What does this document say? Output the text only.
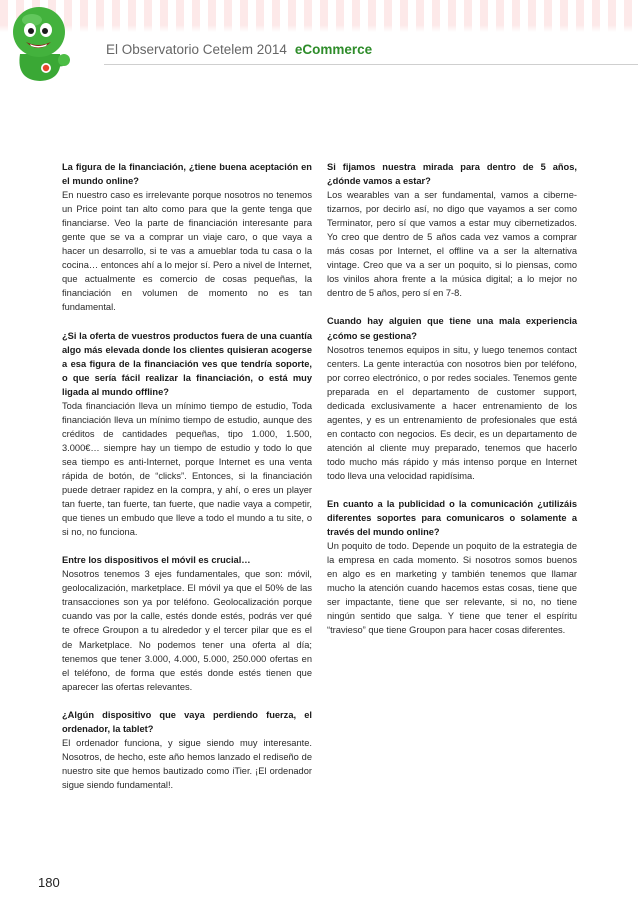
El Observatorio Cetelem 2014 eCommerce

La figura de la financiación, ¿tiene buena aceptación en el mundo online?
En nuestro caso es irrelevante porque nosotros no tenemos un Price point tan alto como para que la gente tenga que financiarse. Veo la parte de financiación interesante para gente que se va a comprar un viaje caro, o que vaya a hacer un desarrollo, si te vas a amueblar toda tu casa o la cocina… entonces ahí a lo mejor sí. Pero a nivel de Internet, que actualmente es comercio de cosas pequeñas, la financiación en volumen de momento no es tan fundamental.

¿Si la oferta de vuestros productos fuera de una cuantía algo más elevada donde los clientes quisieran acogerse a esa figura de la financiación ves que tendría soporte, o que sería fácil realizar la financiación, o está muy ligada al mundo offline?
Toda financiación lleva un mínimo tiempo de estudio, Toda financiación lleva un mínimo tiempo de estudio, aunque des créditos de cantidades pequeñas, tipo 1.000, 1.500, 3.000€… siempre hay un tiempo de estudio y todo lo que sea tiempo es anti-Internet, porque Internet es una venta rápida de botón, de “clicks”. Entonces, si la financiación puede detraer rapidez en la compra, y ahí, o eres un player tan fuerte, tan fuerte, tan fuerte, que nadie vaya a competir, que tienes un embudo que lleve a todo el mundo a tu site, o si no, no funciona.

Entre los dispositivos el móvil es crucial…
Nosotros tenemos 3 ejes fundamentales, que son: móvil, geolocalización, marketplace. El móvil ya que el 50% de las transacciones son ya por teléfono. Geolocalización porque cuando vas por la calle, estés donde estés, podrás ver qué te ofrece Groupon a tu alrededor y el tercer pilar que es el de Marketplace. No podemos tener una oferta al día; tenemos que tener 3.000, 4.000, 5.000, 250.000 ofertas en el teléfono, de forma que estés donde estés tienen que aparecer las ofertas relevantes.

¿Algún dispositivo que vaya perdiendo fuerza, el ordenador, la tablet?
El ordenador funciona, y sigue siendo muy interesante. Nosotros, de hecho, este año hemos lanzado el rediseño de nuestro site que hemos bautizado como iTier. ¡El ordenador sigue siendo fundamental!.

Si fijamos nuestra mirada para dentro de 5 años, ¿dónde vamos a estar?
Los wearables van a ser fundamental, vamos a cibernetizarnos, por decirlo así, no digo que vayamos a ser como Terminator, pero sí que vamos a estar muy cibernetizados. Yo creo que dentro de 5 años cada vez vamos a comprar más cosas por Internet, el offline va a ser la alternativa vintage. Creo que va a ser un poquito, si lo piensas, como los vinilos ahora frente a la música digital; a lo mejor no dentro de 5 años, pero sí en 7-8.

Cuando hay alguien que tiene una mala experiencia ¿cómo se gestiona?
Nosotros tenemos equipos in situ, y luego tenemos contact centers. La gente interactúa con nosotros bien por teléfono, por correo electrónico, o por redes sociales. Tenemos gente preparada en el departamento de customer support, dedicada exclusivamente a hacer entrenamiento de los agentes, y es un entrenamiento de profesionales que está en contacto con negocios. Es decir, es un departamento de atención al cliente muy preparado, tenemos que hacerlo todo mucho más rápido y más intenso porque en Internet todo lleva una velocidad rapidísima.

En cuanto a la publicidad o la comunicación ¿utilizáis diferentes soportes para comunicaros o solamente a través del mundo online?
Un poquito de todo. Depende un poquito de la estrategia de la empresa en cada momento. Si nosotros somos buenos en algo es en marketing y también tenemos que llamar mucho la atención cuando hacemos estas cosas, tiene que ser impactante, tiene que ser relevante, si no, no tiene ningún sentido que salga. Y tiene que tener el espíritu “travieso” que tiene Groupon para hacer cosas diferentes.

180
